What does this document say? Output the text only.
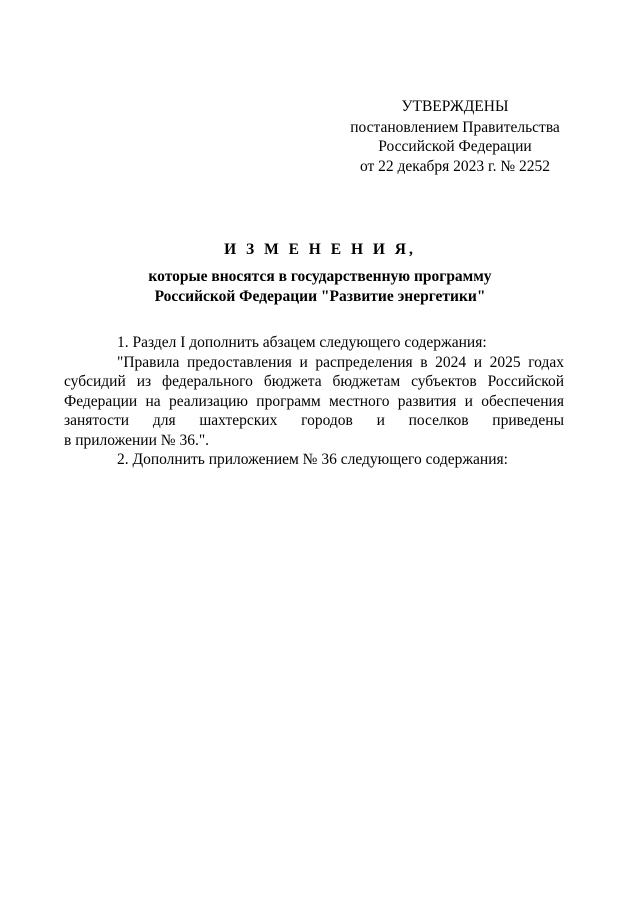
УТВЕРЖДЕНЫ
постановлением Правительства
Российской Федерации
от 22 декабря 2023 г. № 2252
И З М Е Н Е Н И Я,
которые вносятся в государственную программу
Российской Федерации "Развитие энергетики"

1. Раздел I дополнить абзацем следующего содержания:

"Правила предоставления и распределения в 2024 и 2025 годах субсидий из федерального бюджета бюджетам субъектов Российской Федерации на реализацию программ местного развития и обеспечения занятости для шахтерских городов и поселков приведены

в приложении № 36.".

2. Дополнить приложением № 36 следующего содержания:
